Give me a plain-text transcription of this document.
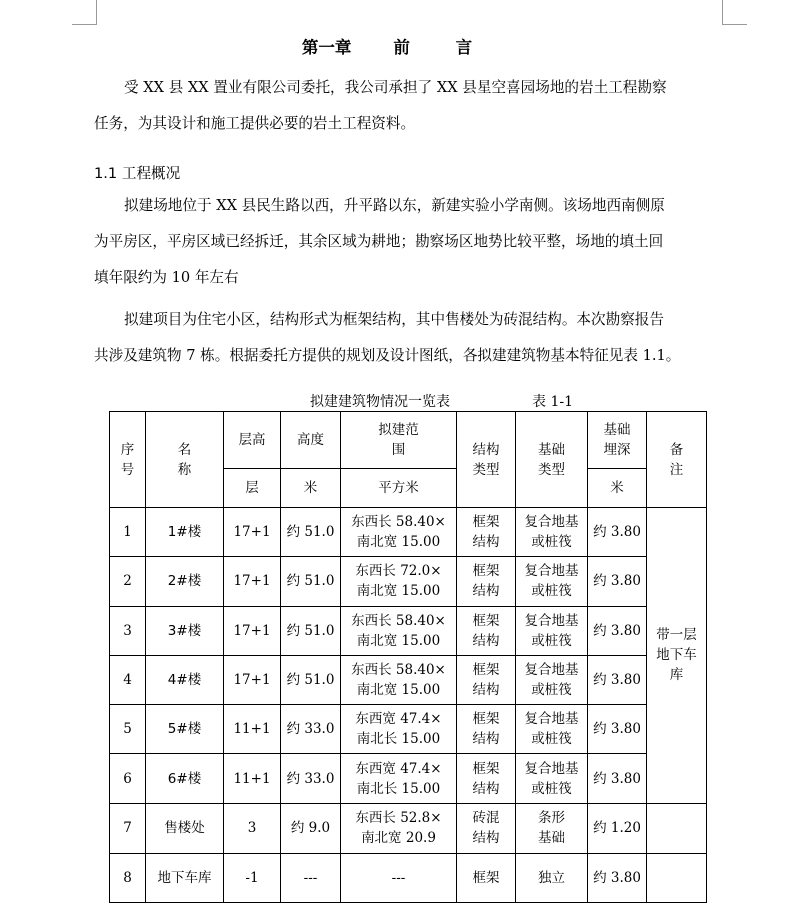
第一章	前 言

受 XX 县 XX 置业有限公司委托，我公司承担了 XX 县星空喜园场地的岩土工程勘察

任务，为其设计和施工提供必要的岩土工程资料。
1.1 工程概况

拟建场地位于 XX 县民生路以西，升平路以东，新建实验小学南侧。该场地西南侧原

为平房区，平房区域已经拆迁，其余区域为耕地；勘察场区地势比较平整，场地的填土回
填年限约为 10 年左右

拟建项目为住宅小区，结构形式为框架结构，其中售楼处为砖混结构。本次勘察报告

共涉及建筑物 7 栋。根据委托方提供的规划及设计图纸，各拟建建筑物基本特征见表 1.1。
拟建建筑物情况一览表	表 1-1
序号	名称	层高	高度	拟建范围	结构类型	基础类型	基础埋深	备注
		层	米	平方米			米	
1	1#楼	17+1	约 51.0	东西长 58.40×
南北宽 15.00	框架
结构	复合地基
或桩筏	约 3.80	带一层地下车库
2	2#楼	17+1	约 51.0	东西长 72.0×
南北宽 15.00	框架
结构	复合地基
或桩筏	约 3.80	
3	3#楼	17+1	约 51.0	东西长 58.40×
南北宽 15.00	框架
结构	复合地基
或桩筏	约 3.80	
4	4#楼	17+1	约 51.0	东西长 58.40×
南北宽 15.00	框架
结构	复合地基
或桩筏	约 3.80	
5	5#楼	11+1	约 33.0	东西宽 47.4×
南北长 15.00	框架
结构	复合地基
或桩筏	约 3.80	
6	6#楼	11+1	约 33.0	东西宽 47.4×
南北长 15.00	框架
结构	复合地基
或桩筏	约 3.80	
7	售楼处	3	约 9.0	东西长 52.8×
南北宽 20.9	砖混
结构	条形
基础	约 1.20	
8	地下车库	-1	---	---	框架	独立	约 3.80	
